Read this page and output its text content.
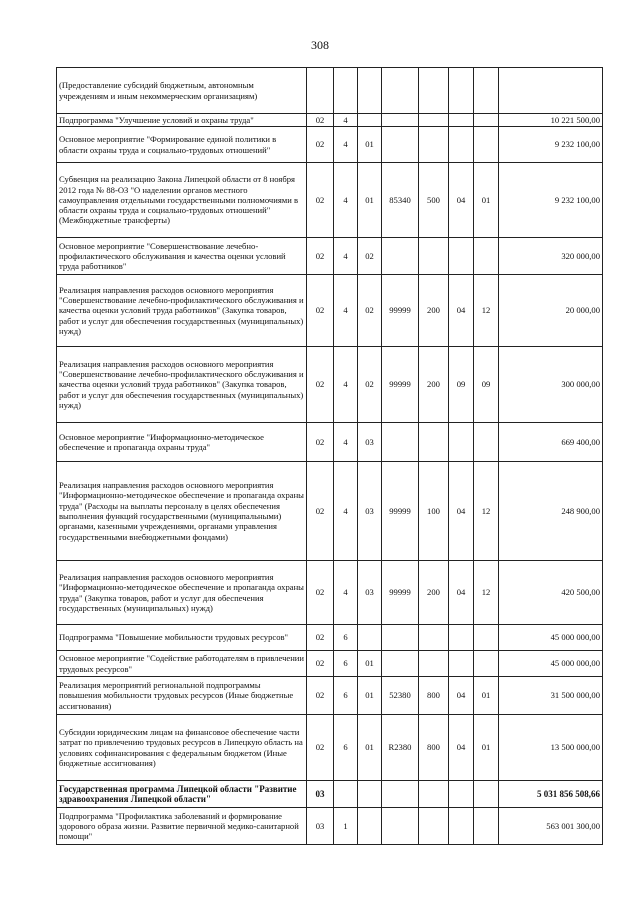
308
(Предоставление субсидий бюджетным, автономным учреждениям и иным некоммерческим организациям)								
Подпрограмма "Улучшение условий и охраны труда"	02	4						10 221 500,00
Основное мероприятие "Формирование единой политики в области охраны труда и социально-трудовых отношений"	02	4	01					9 232 100,00
Субвенция на реализацию Закона Липецкой области от 8 ноября 2012 года № 88-ОЗ "О наделении органов местного самоуправления отдельными государственными полномочиями в области охраны труда и социально-трудовых отношений" (Межбюджетные трансферты)	02	4	01	85340	500	04	01	9 232 100,00
Основное мероприятие "Совершенствование лечебно-профилактического обслуживания и качества оценки условий труда работников"	02	4	02					320 000,00
Реализация направления расходов основного мероприятия "Совершенствование лечебно-профилактического обслуживания и качества оценки условий труда работников" (Закупка товаров, работ и услуг для обеспечения государственных (муниципальных) нужд)	02	4	02	99999	200	04	12	20 000,00
Реализация направления расходов основного мероприятия "Совершенствование лечебно-профилактического обслуживания и качества оценки условий труда работников" (Закупка товаров, работ и услуг для обеспечения государственных (муниципальных) нужд)	02	4	02	99999	200	09	09	300 000,00
Основное мероприятие "Информационно-методическое обеспечение и пропаганда охраны труда"	02	4	03					669 400,00
Реализация направления расходов основного мероприятия "Информационно-методическое обеспечение и пропаганда охраны труда" (Расходы на выплаты персоналу в целях обеспечения выполнения функций государственными (муниципальными) органами, казенными учреждениями, органами управления государственными внебюджетными фондами)	02	4	03	99999	100	04	12	248 900,00
Реализация направления расходов основного мероприятия "Информационно-методическое обеспечение и пропаганда охраны труда" (Закупка товаров, работ и услуг для обеспечения государственных (муниципальных) нужд)	02	4	03	99999	200	04	12	420 500,00
Подпрограмма "Повышение мобильности трудовых ресурсов"	02	6						45 000 000,00
Основное мероприятие "Содействие работодателям в привлечении трудовых ресурсов"	02	6	01					45 000 000,00
Реализация мероприятий региональной подпрограммы повышения мобильности трудовых ресурсов (Иные бюджетные ассигнования)	02	6	01	52380	800	04	01	31 500 000,00
Субсидии юридическим лицам на финансовое обеспечение части затрат по привлечению трудовых ресурсов в Липецкую область на условиях софинансирования с федеральным бюджетом (Иные бюджетные ассигнования)	02	6	01	R2380	800	04	01	13 500 000,00
Государственная программа Липецкой области "Развитие здравоохранения Липецкой области"	03							5 031 856 508,66
Подпрограмма "Профилактика заболеваний и формирование здорового образа жизни. Развитие первичной медико-санитарной помощи"	03	1						563 001 300,00
